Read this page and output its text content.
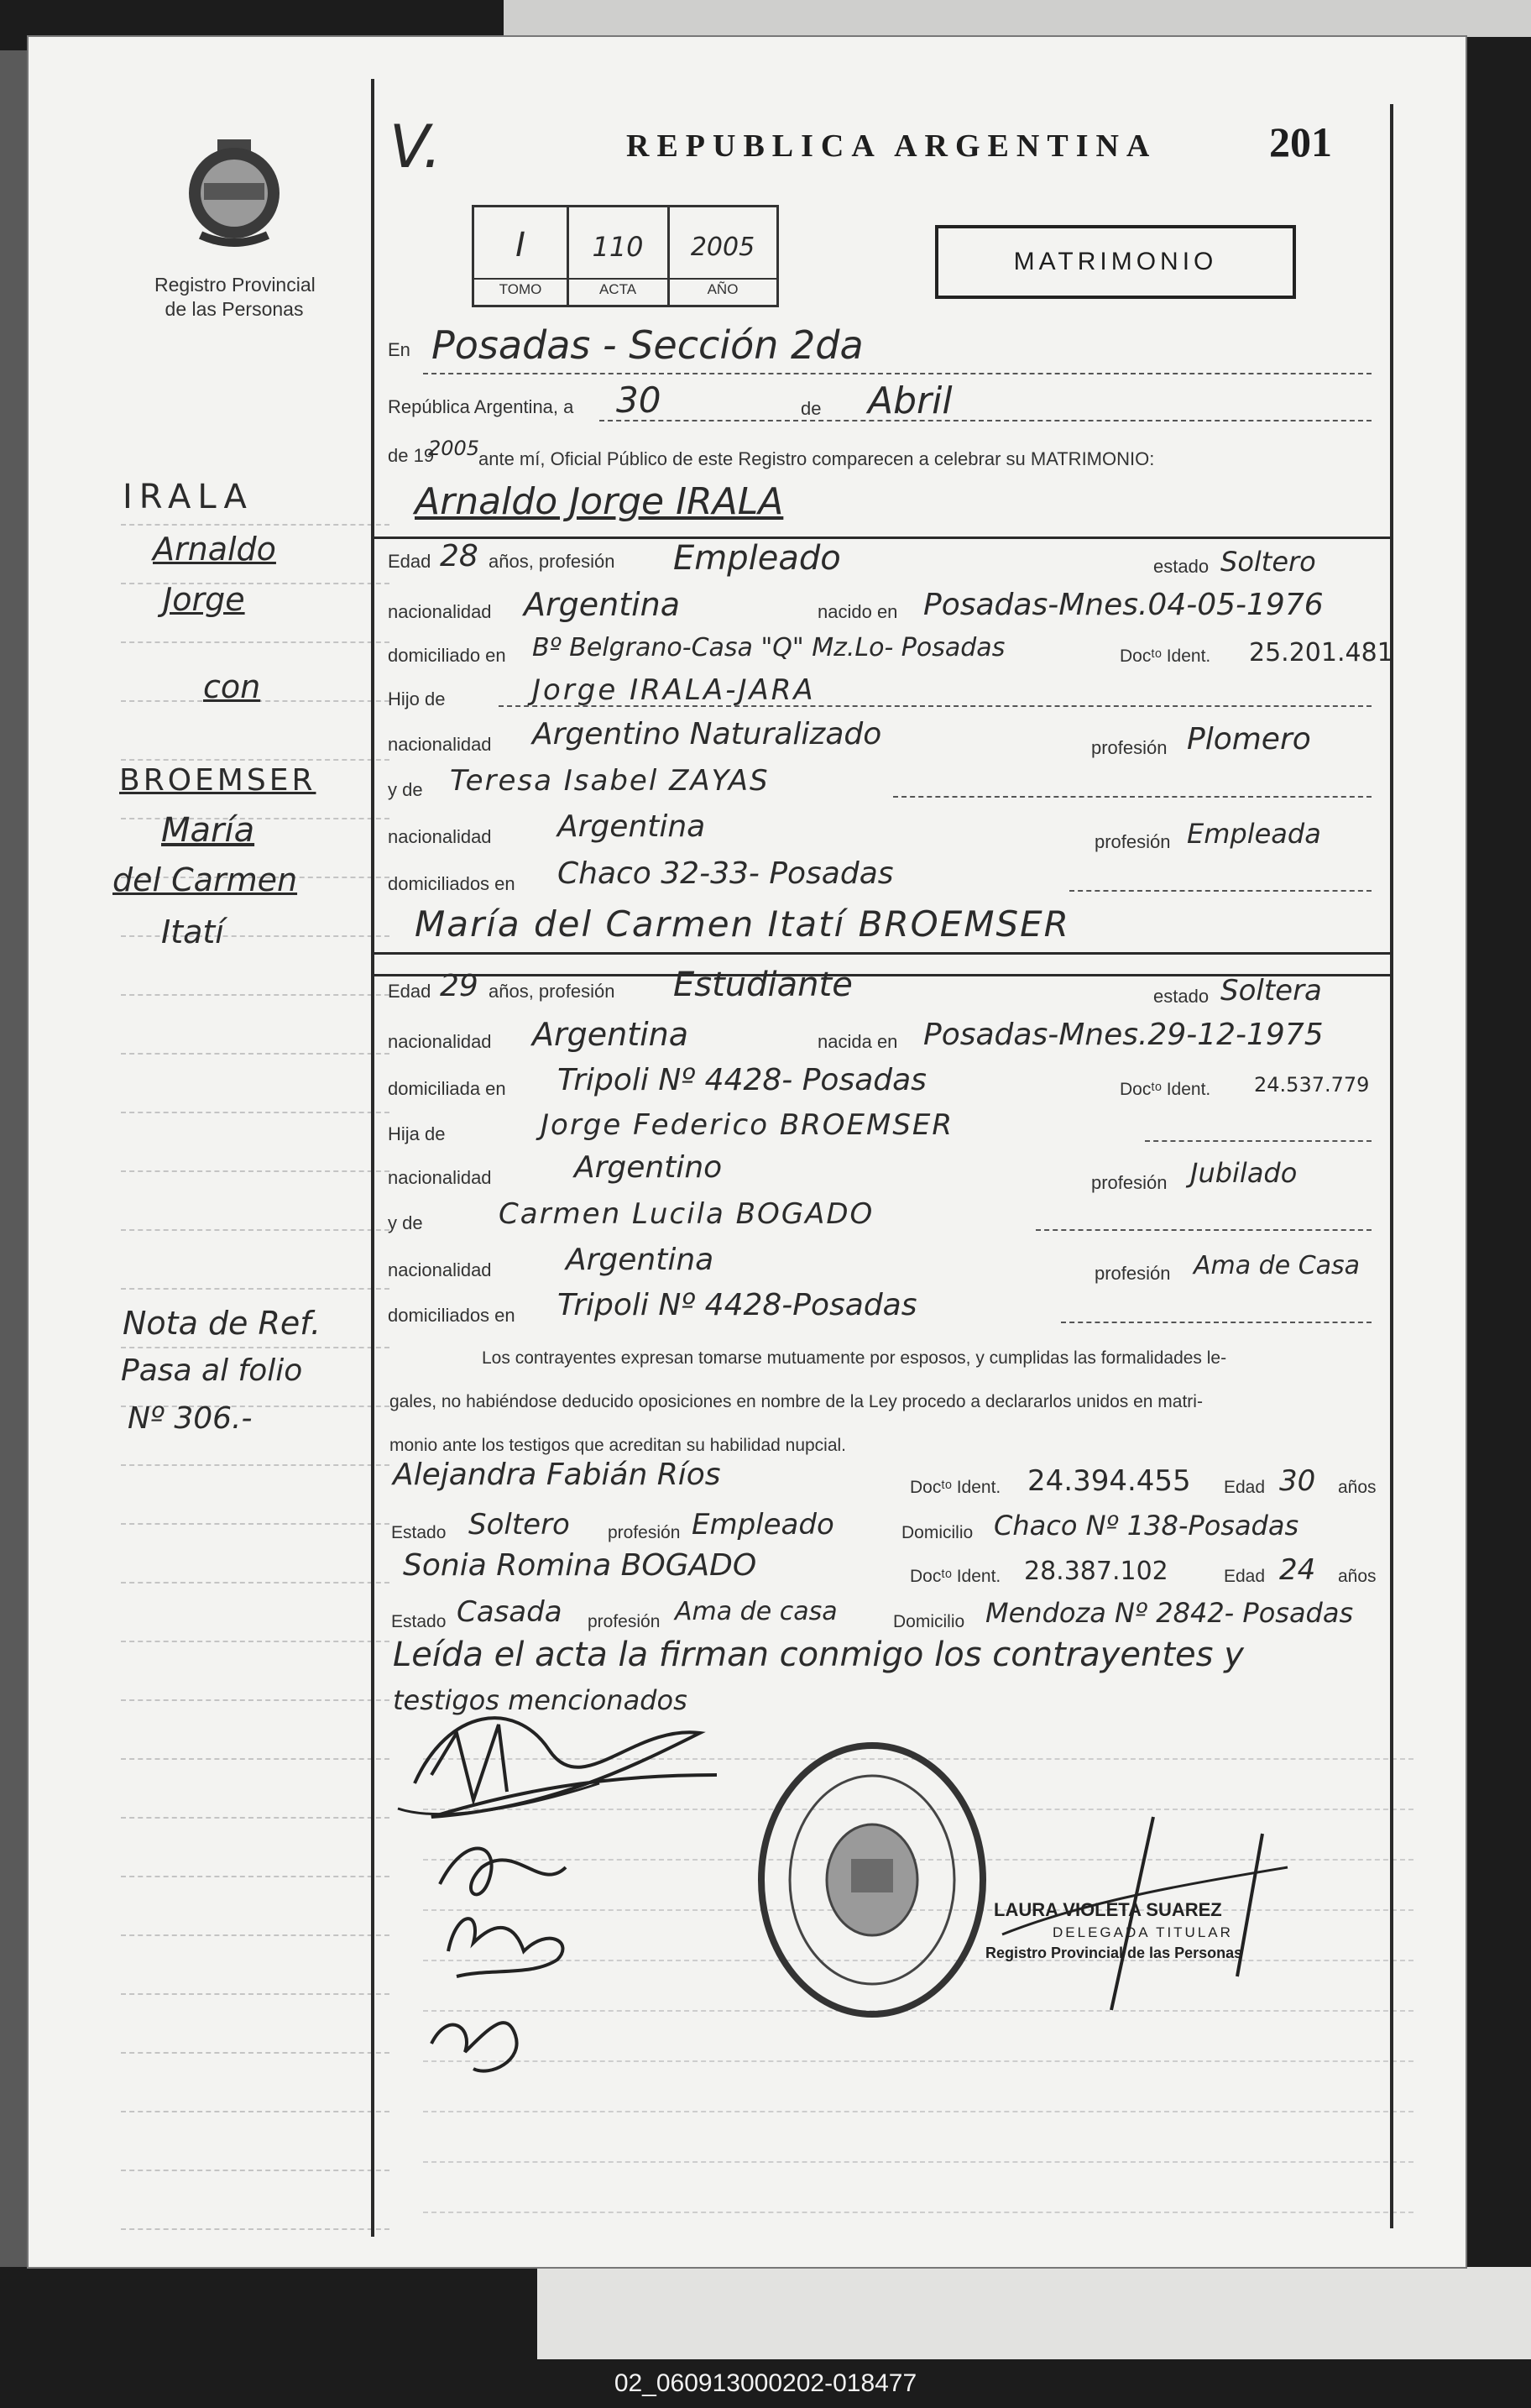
Registro Provincial
de las Personas
V.	REPUBLICA ARGENTINA	201
I	110	2005
TOMO	ACTA	AÑO
MATRIMONIO
IRALA
Arnaldo
Jorge
con
BROEMSER
María
del Carmen
Itatí
Nota de Ref.
Pasa al folio
Nº 306.-
En Posadas - Sección 2da
República Argentina, a 30	de Abril
de 19
2005
ante mí, Oficial Público de este Registro comparecen a celebrar su MATRIMONIO:
Arnaldo Jorge IRALA
Edad 28 años, profesión Empleado	estado Soltero
nacionalidad Argentina	nacido en Posadas-Mnes.04-05-1976
domiciliado en Bº Belgrano-Casa "Q" Mz.Lo- Posadas	Docᵗᵒ Ident. 25.201.481
Hijo de	Jorge IRALA-JARA
nacionalidad Argentino Naturalizado	profesión Plomero
y de Teresa Isabel ZAYAS
nacionalidad Argentina	profesión Empleada
domiciliados en Chaco 32-33- Posadas
María del Carmen Itatí BROEMSER
Edad 29 años, profesión Estudiante	estado Soltera
nacionalidad Argentina	nacida en Posadas-Mnes.29-12-1975
domiciliada en Tripoli Nº 4428- Posadas	Docᵗᵒ Ident. 24.537.779
Hija de	Jorge Federico BROEMSER
nacionalidad	Argentino	profesión Jubilado
y de	Carmen Lucila BOGADO
nacionalidad Argentina	profesión Ama de Casa
domiciliados en Tripoli Nº 4428-Posadas
Los contrayentes expresan tomarse mutuamente por esposos, y cumplidas las formalidades le-
gales, no habiéndose deducido oposiciones en nombre de la Ley procedo a declararlos unidos en matri-
monio ante los testigos que acreditan su habilidad nupcial.
Alejandra Fabián Ríos	Docᵗᵒ Ident. 24.394.455 Edad 30 años
Estado Soltero profesión Empleado	Domicilio Chaco Nº 138-Posadas
Sonia Romina BOGADO	Docᵗᵒ Ident. 28.387.102	Edad 24 años
Estado Casada profesión Ama de casa	Domicilio Mendoza Nº 2842- Posadas
Leída el acta la firman conmigo los contrayentes y
testigos mencionados
LAURA VIOLETA SUAREZ
DELEGADA TITULAR
Registro Provincial de las Personas
02_060913000202-018477
